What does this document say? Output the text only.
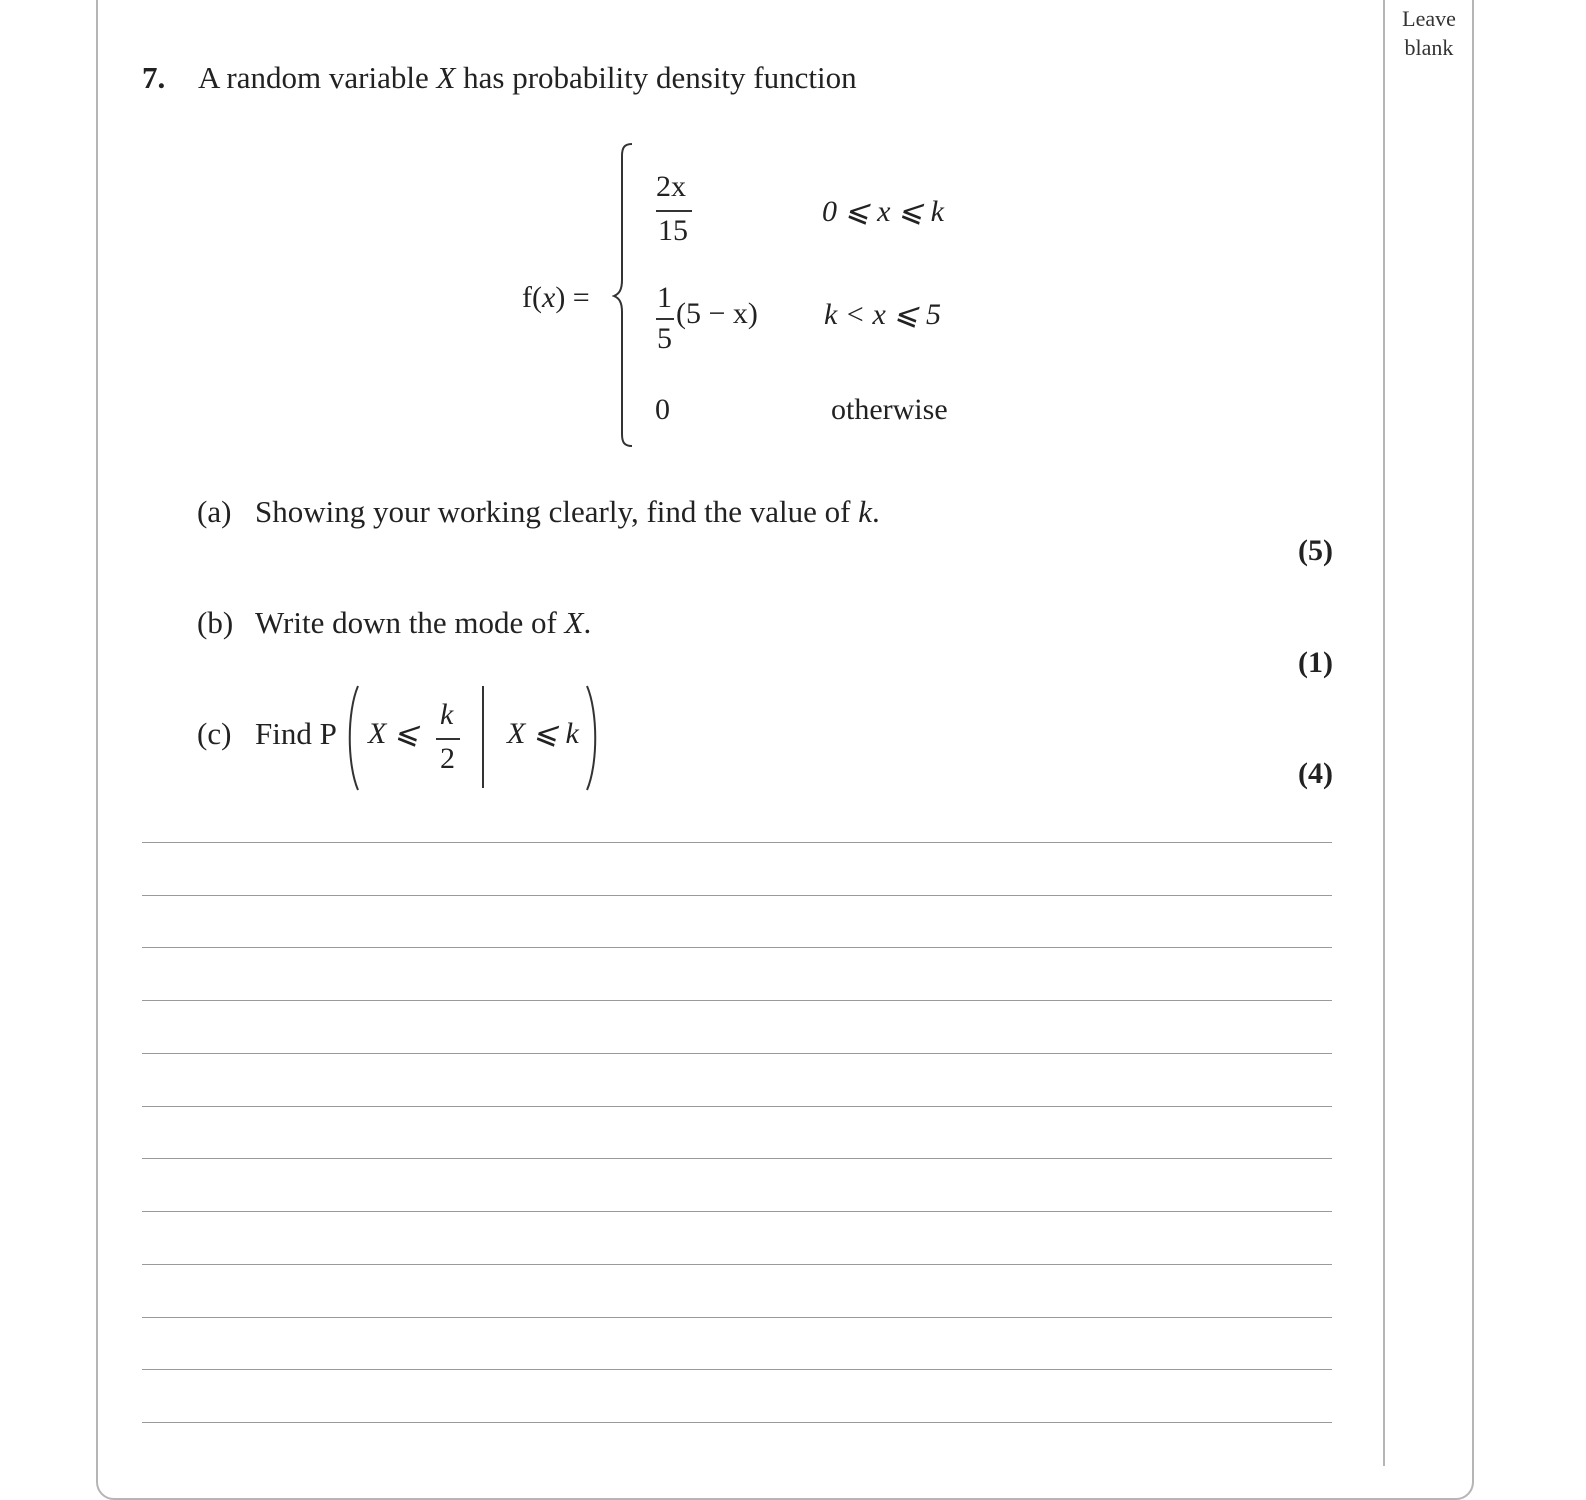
Leave
blank
7. A random variable X has probability density function
f(x) =
2x
15
0 ⩽ x ⩽ k
1
5
(5 − x) k < x ⩽ 5
0	otherwise
(a) Showing your working clearly, find the value of k.
(5)
(b) Write down the mode of X.
(1)
(c) Find P X ⩽
k
2
X ⩽ k
(4)
